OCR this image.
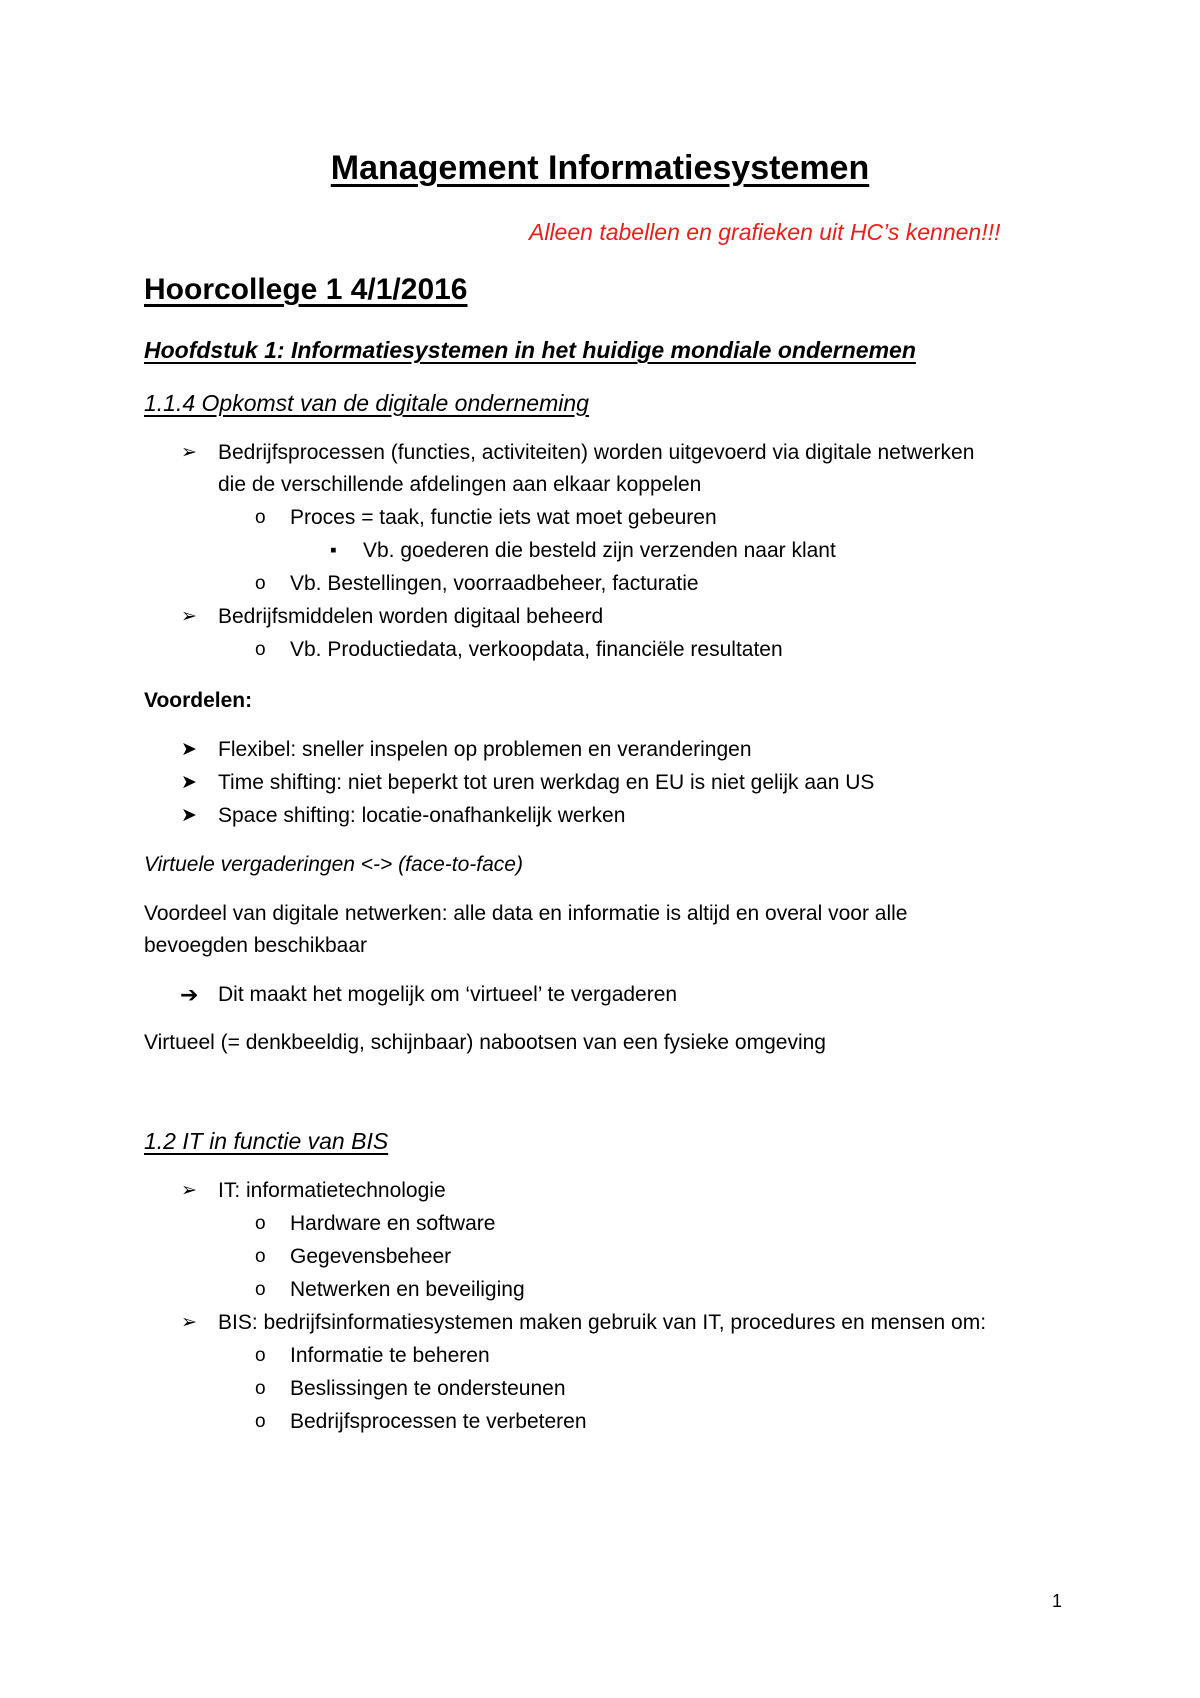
Management Informatiesystemen
Alleen tabellen en grafieken uit HC’s kennen!!!
Hoorcollege 1 4/1/2016
Hoofdstuk 1: Informatiesystemen in het huidige mondiale ondernemen
1.1.4 Opkomst van de digitale onderneming
➢ Bedrijfsprocessen (functies, activiteiten) worden uitgevoerd via digitale netwerken
die de verschillende afdelingen aan elkaar koppelen
o Proces = taak, functie iets wat moet gebeuren
▪ Vb. goederen die besteld zijn verzenden naar klant
o Vb. Bestellingen, voorraadbeheer, facturatie
➢ Bedrijfsmiddelen worden digitaal beheerd
o Vb. Productiedata, verkoopdata, financiële resultaten
Voordelen:
➤ Flexibel: sneller inspelen op problemen en veranderingen
➤ Time shifting: niet beperkt tot uren werkdag en EU is niet gelijk aan US
➤ Space shifting: locatie-onafhankelijk werken
Virtuele vergaderingen <-> (face-to-face)
Voordeel van digitale netwerken: alle data en informatie is altijd en overal voor alle
bevoegden beschikbaar
➔ Dit maakt het mogelijk om ‘virtueel’ te vergaderen
Virtueel (= denkbeeldig, schijnbaar) nabootsen van een fysieke omgeving
1.2 IT in functie van BIS
➢ IT: informatietechnologie
o Hardware en software
o Gegevensbeheer
o Netwerken en beveiliging
➢ BIS: bedrijfsinformatiesystemen maken gebruik van IT, procedures en mensen om:
o Informatie te beheren
o Beslissingen te ondersteunen
o Bedrijfsprocessen te verbeteren
1
